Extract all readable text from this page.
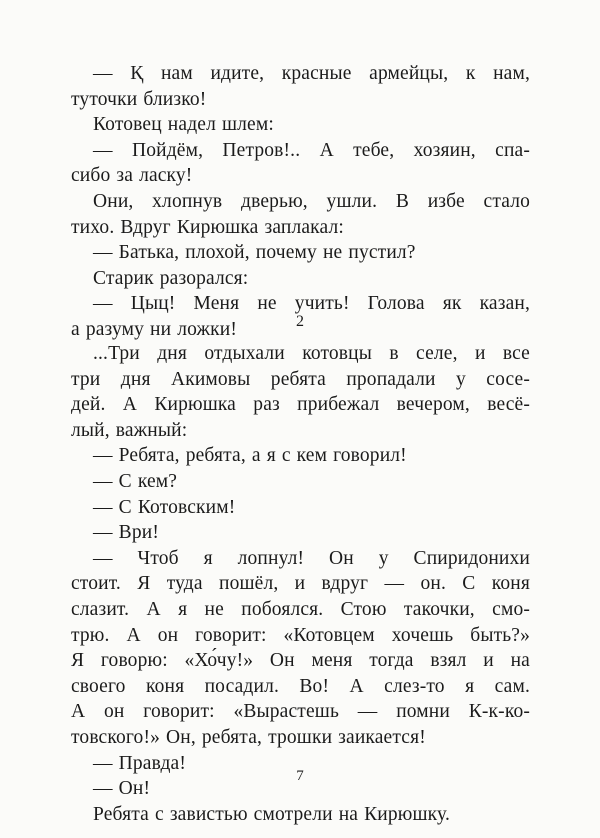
— Қ нам идите, красные армейцы, к нам,
туточки близко!
Котовец надел шлем:
— Пойдём, Петров!.. А тебе, хозяин, спа-
сибо за ласку!
Они, хлопнув дверью, ушли. В избе стало
тихо. Вдруг Кирюшка заплакал:
— Батька, плохой, почему не пустил?
Старик разорался:
— Цыц! Меня не учить! Голова як казан,
а разуму ни ложки!	2
...Три дня отдыхали котовцы в селе, и все
три дня Акимовы ребята пропадали у сосе-
дей. А Кирюшка раз прибежал вечером, весё-
лый, важный:
— Ребята, ребята, а я с кем говорил!
— С кем?
— С Котовским!
— Ври!
— Чтоб я лопнул! Он у Спиридонихи
стоит. Я туда пошёл, и вдруг — он. С коня
слазит. А я не побоялся. Стою такочки, смо-
трю. А он говорит: «Котовцем хочешь быть?»
Я говорю: «Хо́чу!» Он меня тогда взял и на
своего коня посадил. Во! А слез-то я сам.
А он говорит: «Вырастешь — помни К-к-ко-
товского!» Он, ребята, трошки заикается!
— Правда!
— Он!
Ребята с завистью смотрели на Кирюшку.
7
